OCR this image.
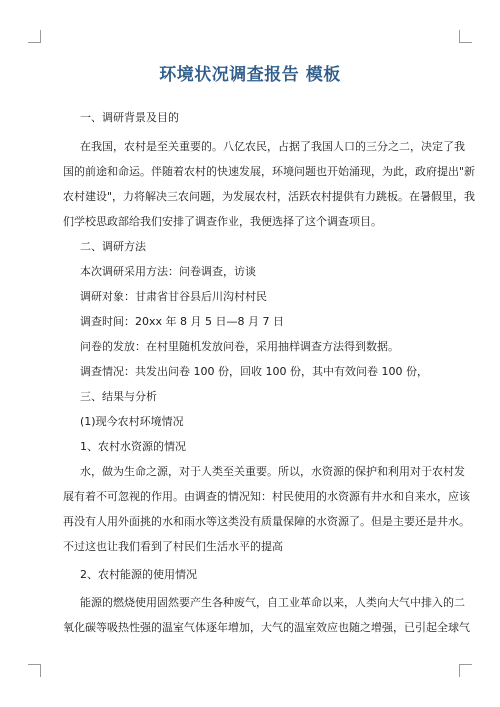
环境状况调查报告 模板
一、调研背景及目的
在我国，农村是至关重要的。八亿农民，占据了我国人口的三分之二，决定了我
国的前途和命运。伴随着农村的快速发展，环境问题也开始涌现，为此，政府提出"新
农村建设"，力将解决三农问题，为发展农村，活跃农村提供有力跳板。在暑假里，我
们学校思政部给我们安排了调查作业，我便选择了这个调查项目。
二、调研方法
本次调研采用方法：问卷调查，访谈
调研对象：甘肃省甘谷县后川沟村村民
调查时间：20xx 年 8 月 5 日—8 月 7 日
问卷的发放：在村里随机发放问卷，采用抽样调查方法得到数据。
调查情况：共发出问卷 100 份，回收 100 份，其中有效问卷 100 份，
三、结果与分析
(1)现今农村环境情况
1、农村水资源的情况
水，做为生命之源，对于人类至关重要。所以，水资源的保护和利用对于农村发
展有着不可忽视的作用。由调查的情况知：村民使用的水资源有井水和自来水，应该
再没有人用外面挑的水和雨水等这类没有质量保障的水资源了。但是主要还是井水。
不过这也让我们看到了村民们生活水平的提高
2、农村能源的使用情况
能源的燃烧使用固然要产生各种废气，自工业革命以来，人类向大气中排入的二
氧化碳等吸热性强的温室气体逐年增加，大气的温室效应也随之增强，已引起全球气
